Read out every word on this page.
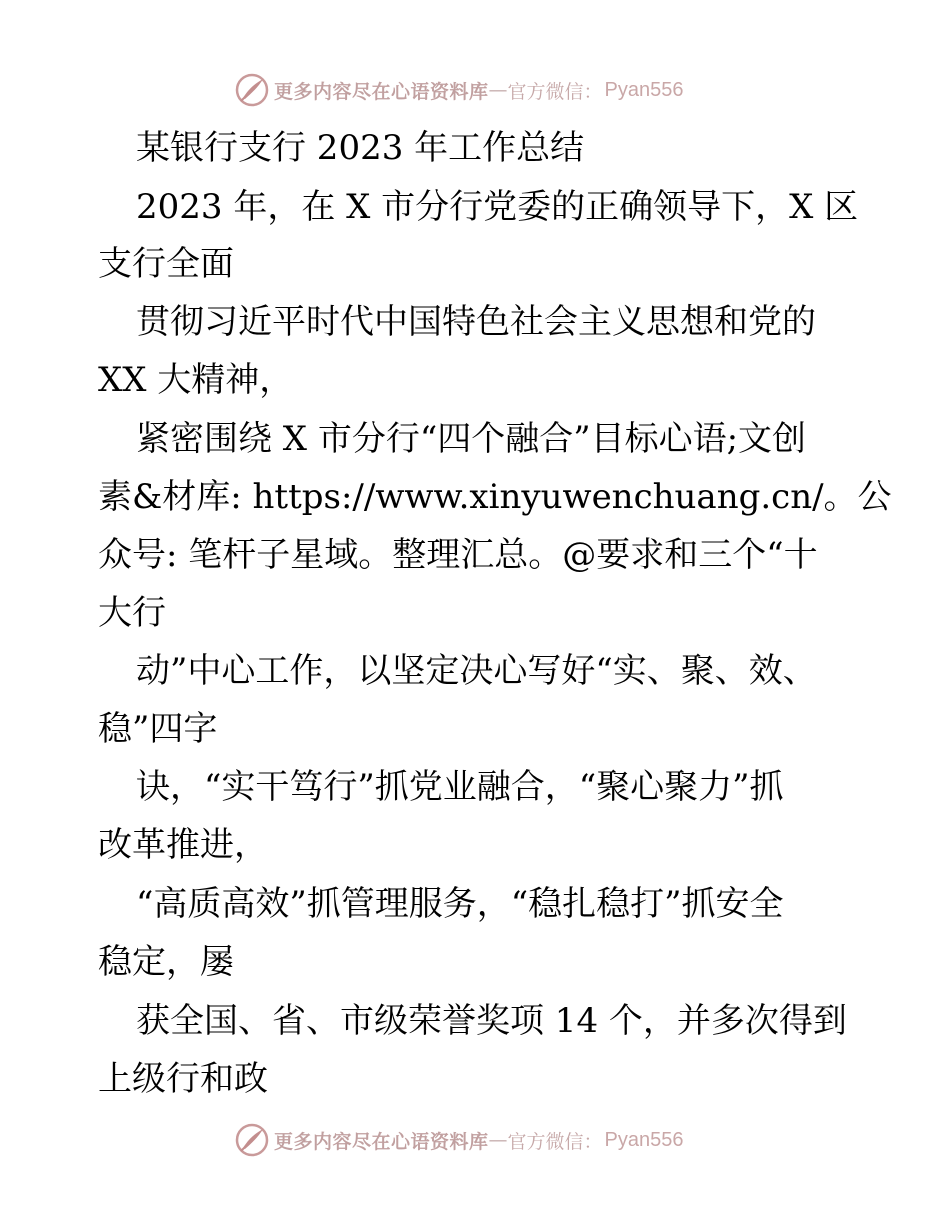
更多内容尽在心语资料库 — 官方微信： Pyan556
某银行支行 2023 年工作总结
2023 年，在 X 市分行党委的正确领导下，X 区
支行全面
贯彻习近平时代中国特色社会主义思想和党的
XX 大精神，
紧密围绕 X 市分行“四个融合”目标心语;文创
素&材库: https://www.xinyuwenchuang.cn/。公
众号: 笔杆子星域。整理汇总。@要求和三个“十
大行
动”中心工作，以坚定决心写好“实、聚、效、
稳”四字
诀，“实干笃行”抓党业融合，“聚心聚力”抓
改革推进，
“高质高效”抓管理服务，“稳扎稳打”抓安全
稳定，屡
获全国、省、市级荣誉奖项 14 个，并多次得到
上级行和政
更多内容尽在心语资料库 — 官方微信： Pyan556
